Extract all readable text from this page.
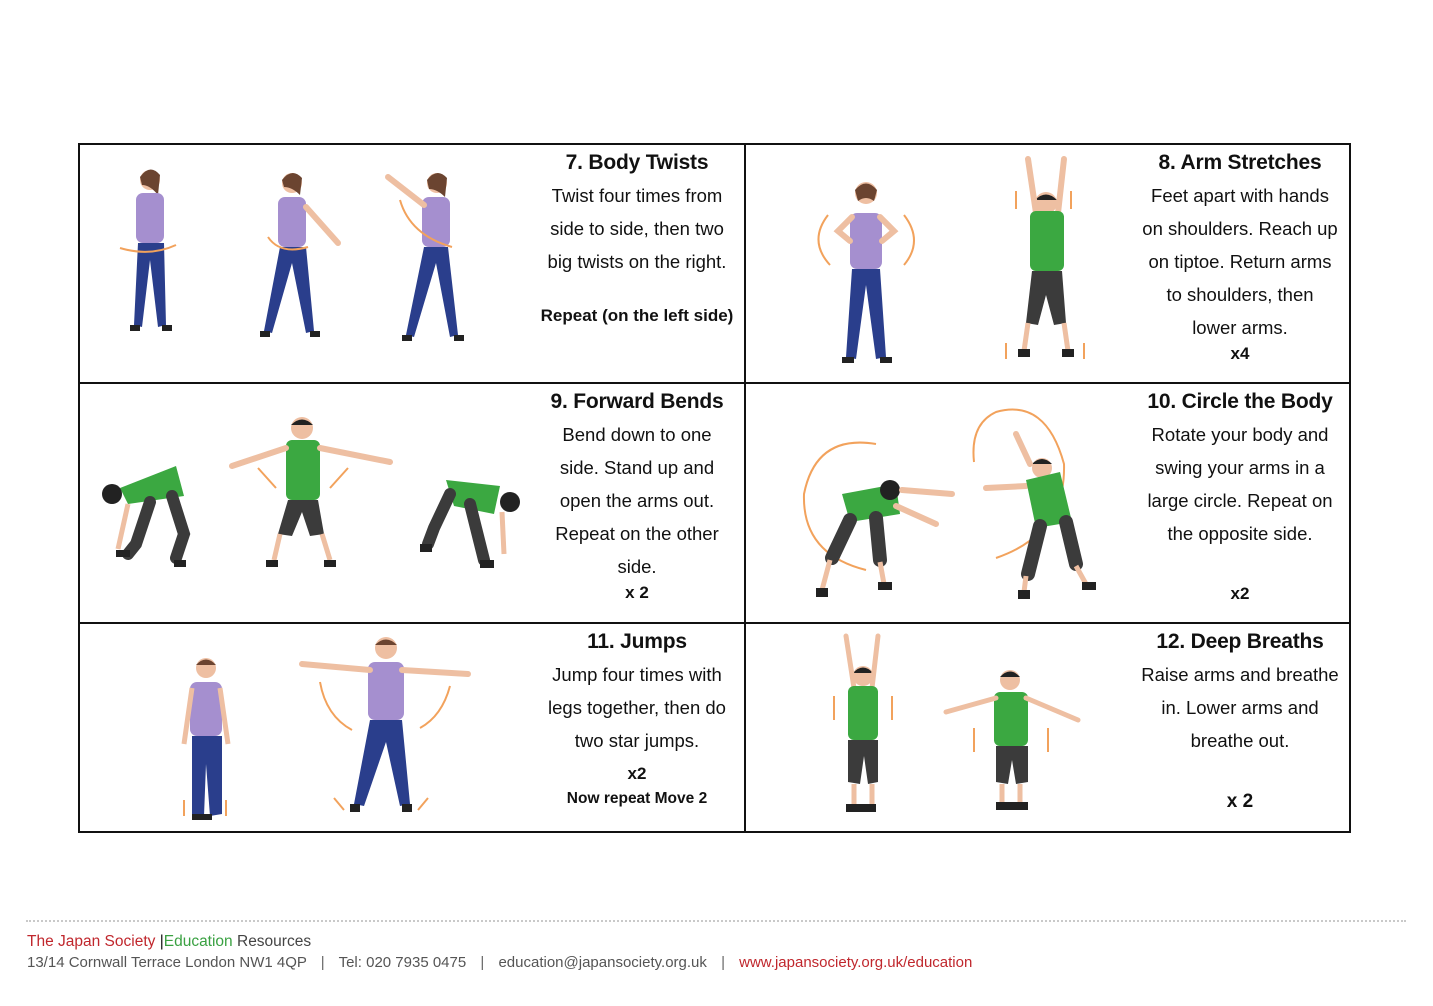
7. Body Twists
Twist four times from
side to side, then two
big twists on the right.
Repeat (on the left side)
8. Arm Stretches
Feet apart with hands
on shoulders. Reach up
on tiptoe. Return arms
to shoulders, then
lower arms.
x4
9. Forward Bends
Bend down to one
side. Stand up and
open the arms out.
Repeat on the other
side.
x 2
10. Circle the Body
Rotate your body and
swing your arms in a
large circle. Repeat on
the opposite side.
x2
11. Jumps
Jump four times with
legs together, then do
two star jumps.
x2
Now repeat Move 2
12. Deep Breaths
Raise arms and breathe
in. Lower arms and
breathe out.
x 2
The Japan Society |Education Resources
13/14 Cornwall Terrace London NW1 4QP | Tel: 020 7935 0475 | education@japansociety.org.uk | www.japansociety.org.uk/education
